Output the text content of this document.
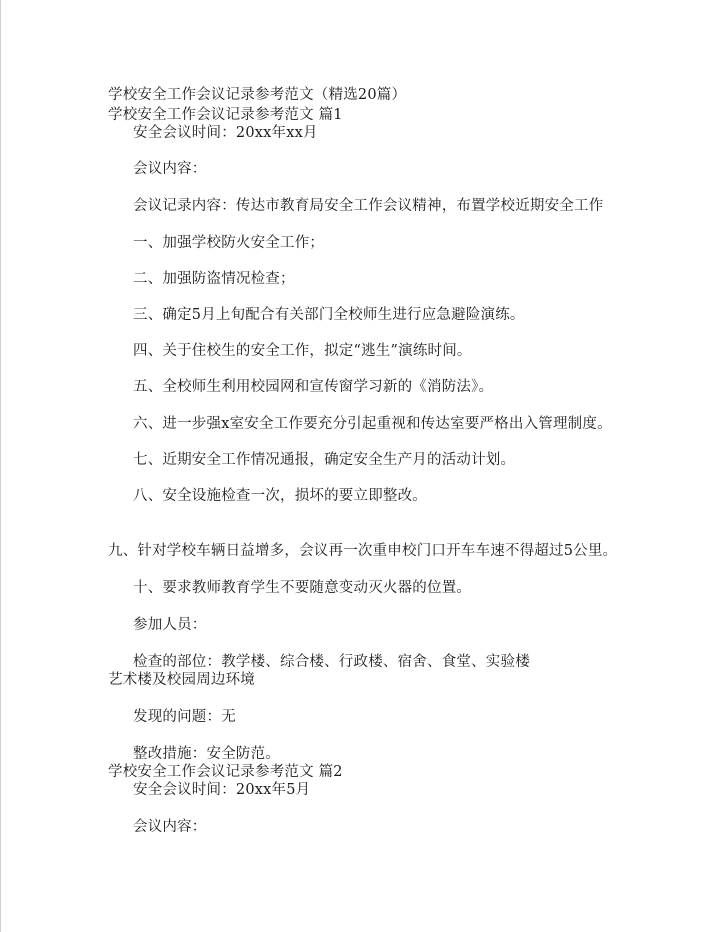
学校安全工作会议记录参考范文（精选20篇）
学校安全工作会议记录参考范文 篇1
安全会议时间：20xx年xx月
会议内容：
会议记录内容：传达市教育局安全工作会议精神，布置学校近期安全工作
一、加强学校防火安全工作；
二、加强防盗情况检查；
三、确定5月上旬配合有关部门全校师生进行应急避险演练。
四、关于住校生的安全工作，拟定“逃生”演练时间。
五、全校师生利用校园网和宣传窗学习新的《消防法》。
六、进一步强x室安全工作要充分引起重视和传达室要严格出入管理制度。
七、近期安全工作情况通报，确定安全生产月的活动计划。
八、安全设施检查一次，损坏的要立即整改。
九、针对学校车辆日益增多，会议再一次重申校门口开车车速不得超过5公里。
十、要求教师教育学生不要随意变动灭火器的位置。
参加人员：
检查的部位：教学楼、综合楼、行政楼、宿舍、食堂、实验楼
艺术楼及校园周边环境
发现的问题：无
整改措施：安全防范。
学校安全工作会议记录参考范文 篇2
安全会议时间：20xx年5月
会议内容：
